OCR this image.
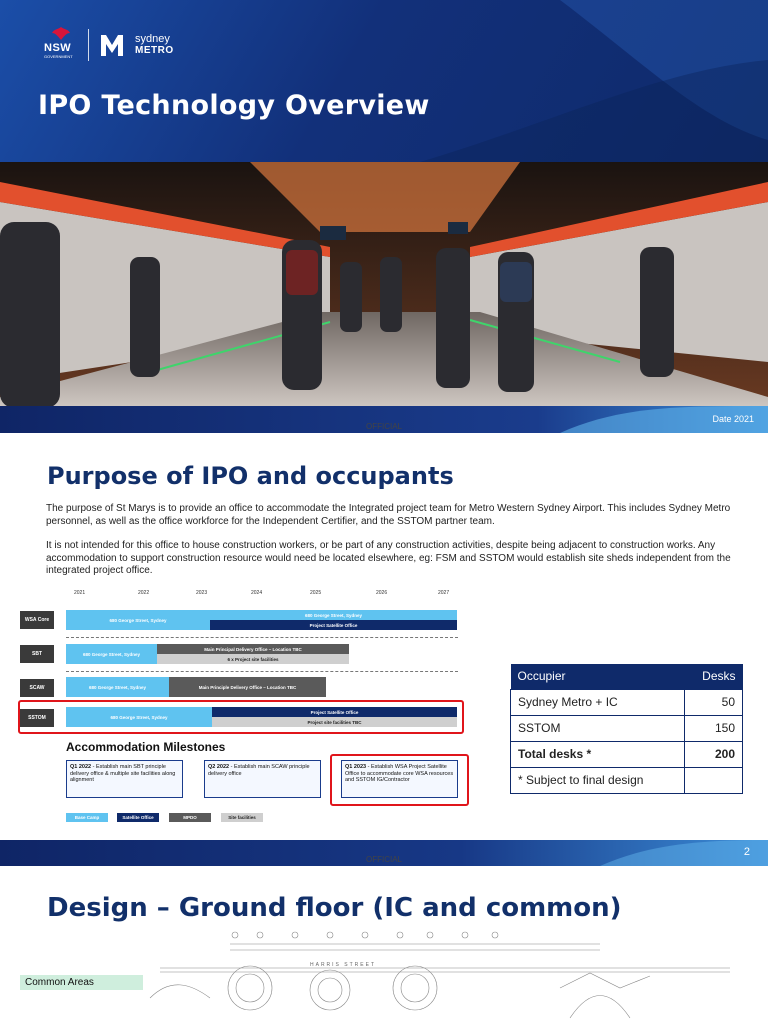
NSW
GOVERNMENT
sydney
METRO
IPO Technology Overview
Date 2021
OFFICIAL
Purpose of IPO and occupants

The purpose of St Marys is to provide an office to accommodate the Integrated project team for Metro Western Sydney Airport. This includes Sydney Metro personnel, as well as the office workforce for the Independent Certifier, and the SSTOM partner team.

It is not intended for this office to house construction workers, or be part of any construction activities, despite being adjacent to construction works. Any accommodation to support construction resource would need be located elsewhere, eg: FSM and SSTOM would establish site sheds independent from the integrated project office.

2021	2022	2023	2024	2025	2026	2027
WSA Core	680 George Street, Sydney
680 George Street, Sydney
Project Satellite Office
SBT	680 George Street, Sydney
Main Principal Delivery Office – Location TBC
6 x Project site facilities
SCAW	680 George Street, Sydney	Main Principle Delivery Office – Location TBC
SSTOM	680 George Street, Sydney
Project Satellite Office
Project site facilities TBC
Accommodation Milestones
Q1 2022 - Establish main SBT principle delivery office & multiple site facilities along alignment
Q2 2022 - Establish main SCAW principle delivery office
Q1 2023 - Establish WSA Project Satellite Office to accommodate core WSA resources and SSTOM IG/Contractor
Base Camp	Satellite Office	MPDO	Site facilities
Occupier	Desks
Sydney Metro + IC	50
SSTOM	150
Total desks *	200
* Subject to final design	
2
OFFICIAL
Design – Ground floor (IC and common)
HARRIS STREET
Common Areas
